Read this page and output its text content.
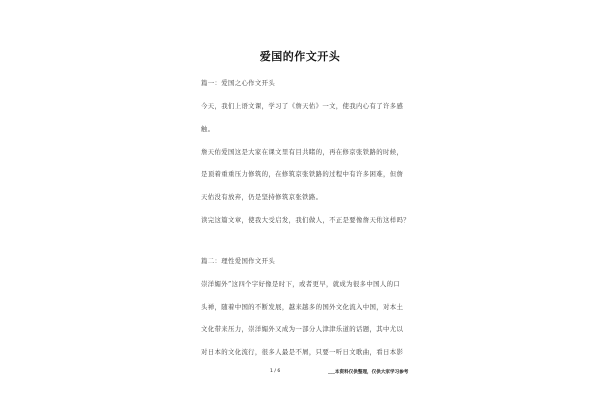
爱国的作文开头
篇一：爱国之心作文开头
今天，我们上语文课，学习了《詹天佑》一文，使我内心有了许多感
触。
詹天佑爱国这是大家在课文里有目共睹的，再在修京张铁路的时候，
是顶着重重压力修筑的，在修筑京张铁路的过程中有许多困难，但詹
天佑没有放弃，仍是坚持修筑京张铁路。
读完这篇文章，使我大受启发，我们做人，不正是要像詹天佑这样吗？
篇二：理性爱国作文开头
崇洋媚外”这四个字好像是时下，或者更早，就成为很多中国人的口
头禅，随着中国的不断发展，越来越多的国外文化流入中国，对本土
文化带来压力，崇洋媚外又成为一部分人津津乐道的话题，其中尤以
对日本的文化流行，很多人最是不屑，只要一听日文歌曲，看日本影
1 / 6	___本资料仅供整理，仅供大家学习参考
